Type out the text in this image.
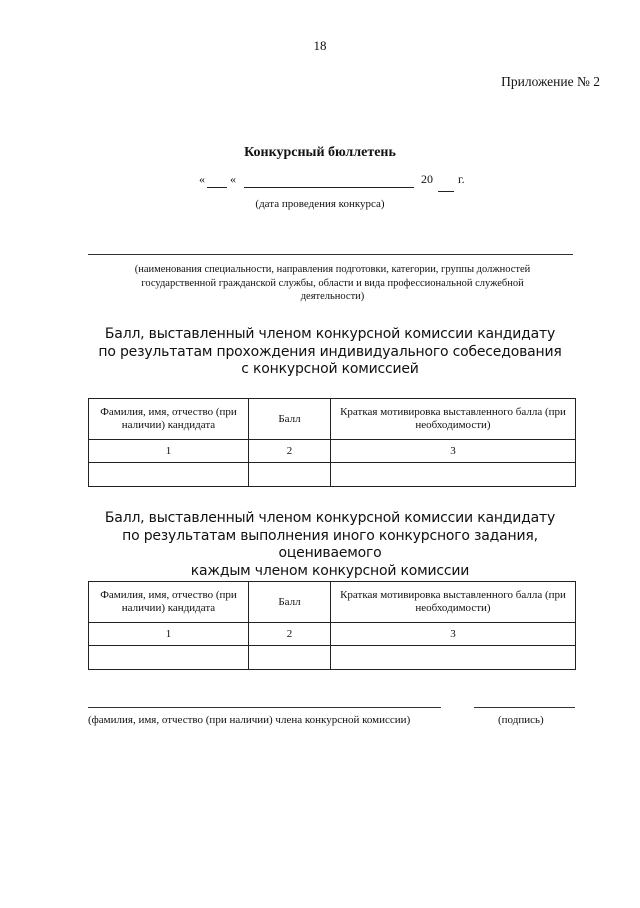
18
Приложение № 2
Конкурсный бюллетень
« «	20 г.
(дата проведения конкурса)
(наименования специальности, направления подготовки, категории, группы должностей
государственной гражданской службы, области и вида профессиональной служебной
деятельности)
Балл, выставленный членом конкурсной комиссии кандидату
по результатам прохождения индивидуального собеседования
с конкурсной комиссией
Фамилия, имя, отчество (при наличии) кандидата	Балл	Краткая мотивировка выставленного балла (при необходимости)
1	2	3

Балл, выставленный членом конкурсной комиссии кандидату
по результатам выполнения иного конкурсного задания, оцениваемого
каждым членом конкурсной комиссии
Фамилия, имя, отчество (при наличии) кандидата	Балл	Краткая мотивировка выставленного балла (при необходимости)
1	2	3

(фамилия, имя, отчество (при наличии) члена конкурсной комиссии)	(подпись)
